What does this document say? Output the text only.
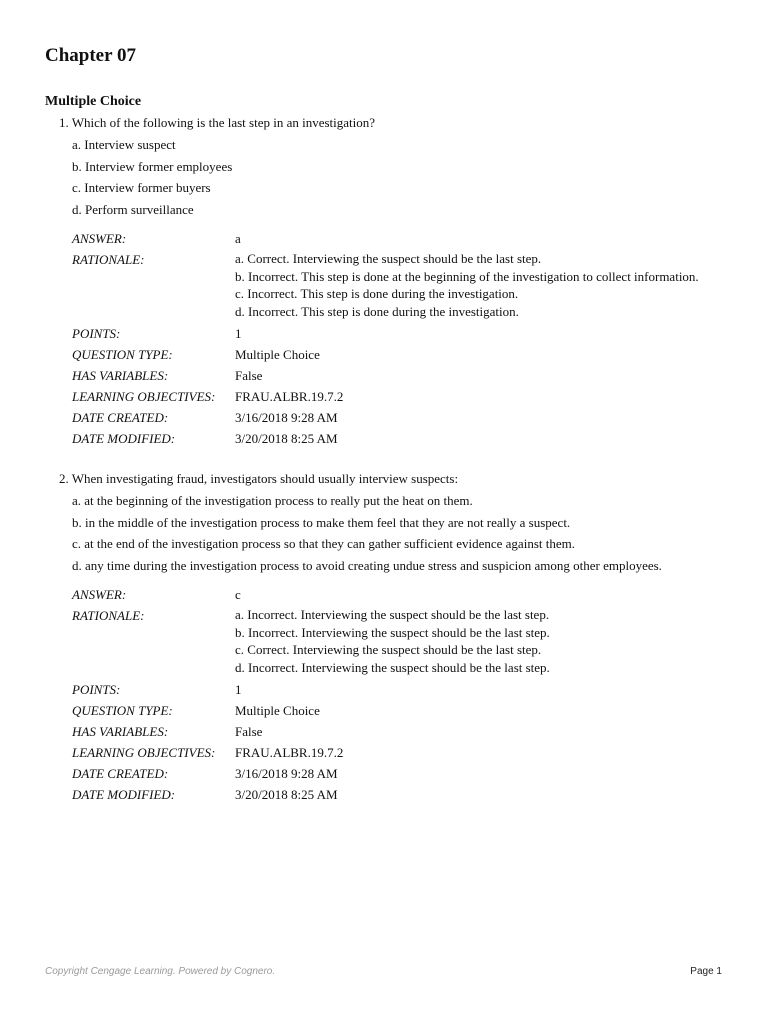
Chapter 07
Multiple Choice
1. Which of the following is the last step in an investigation?
a. Interview suspect
b. Interview former employees
c. Interview former buyers
d. Perform surveillance
ANSWER:	a
RATIONALE:	a. Correct. Interviewing the suspect should be the last step.
b. Incorrect. This step is done at the beginning of the investigation to collect information.
c. Incorrect. This step is done during the investigation.
d. Incorrect. This step is done during the investigation.
POINTS:	1
QUESTION TYPE:	Multiple Choice
HAS VARIABLES:	False
LEARNING OBJECTIVES:	FRAU.ALBR.19.7.2
DATE CREATED:	3/16/2018 9:28 AM
DATE MODIFIED:	3/20/2018 8:25 AM
2. When investigating fraud, investigators should usually interview suspects:
a. at the beginning of the investigation process to really put the heat on them.
b. in the middle of the investigation process to make them feel that they are not really a suspect.
c. at the end of the investigation process so that they can gather sufficient evidence against them.
d. any time during the investigation process to avoid creating undue stress and suspicion among other employees.
ANSWER:	c
RATIONALE:	a. Incorrect. Interviewing the suspect should be the last step.
b. Incorrect. Interviewing the suspect should be the last step.
c. Correct. Interviewing the suspect should be the last step.
d. Incorrect. Interviewing the suspect should be the last step.
POINTS:	1
QUESTION TYPE:	Multiple Choice
HAS VARIABLES:	False
LEARNING OBJECTIVES:	FRAU.ALBR.19.7.2
DATE CREATED:	3/16/2018 9:28 AM
DATE MODIFIED:	3/20/2018 8:25 AM
Copyright Cengage Learning. Powered by Cognero.	Page 1
